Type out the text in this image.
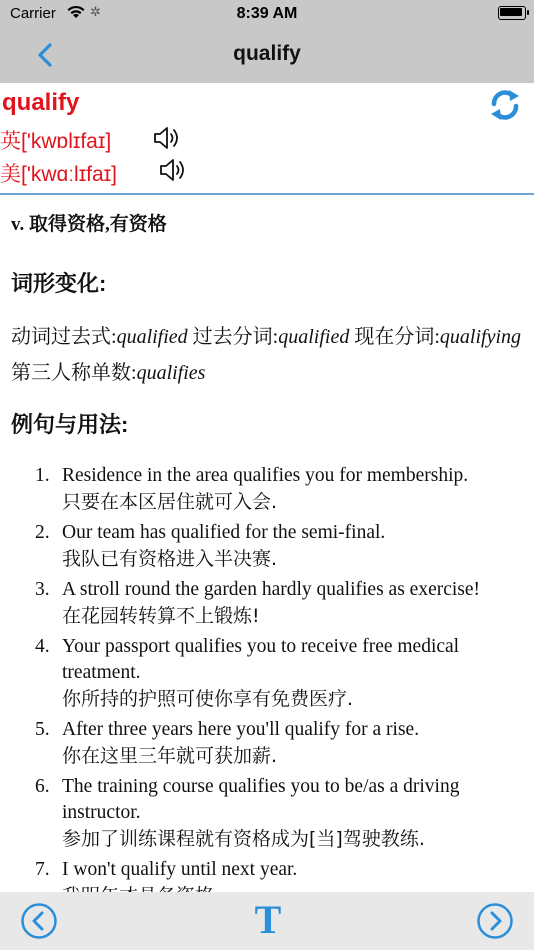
Carrier	✲	8:39 AM
qualify
qualify
英['kwɒlɪfaɪ]
美['kwɑːlɪfaɪ]
v. 取得资格,有资格
词形变化:
动词过去式:qualified 过去分词:qualified 现在分词:qualifying 第三人称单数:qualifies
例句与用法:
1. Residence in the area qualifies you for membership.
只要在本区居住就可入会.
2. Our team has qualified for the semi-final.
我队已有资格进入半决赛.
3. A stroll round the garden hardly qualifies as exercise!
在花园转转算不上锻炼!
4. Your passport qualifies you to receive free medical treatment.
你所持的护照可使你享有免费医疗.
5. After three years here you'll qualify for a rise.
你在这里三年就可获加薪.
6. The training course qualifies you to be/as a driving instructor.
参加了训练课程就有资格成为[当]驾驶教练.
7. I won't qualify until next year.
T
